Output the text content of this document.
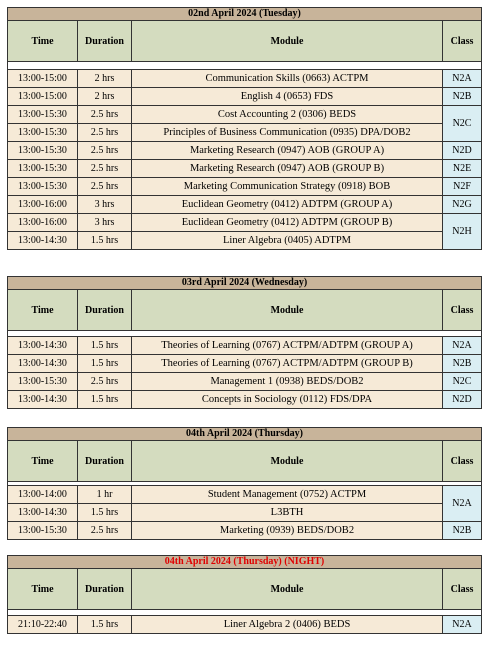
02nd April 2024 (Tuesday)			
Time	Duration	Module	Class

13:00-15:00	2 hrs	Communication Skills (0663) ACTPM	N2A
13:00-15:00	2 hrs	English 4 (0653) FDS	N2B
13:00-15:30	2.5 hrs	Cost Accounting 2 (0306) BEDS	N2C
13:00-15:30	2.5 hrs	Principles of Business Communication (0935) DPA/DOB2	
13:00-15:30	2.5 hrs	Marketing Research (0947) AOB (GROUP A)	N2D
13:00-15:30	2.5 hrs	Marketing Research (0947) AOB (GROUP B)	N2E
13:00-15:30	2.5 hrs	Marketing Communication Strategy (0918) BOB	N2F
13:00-16:00	3 hrs	Euclidean Geometry (0412) ADTPM (GROUP A)	N2G
13:00-16:00	3 hrs	Euclidean Geometry (0412) ADTPM (GROUP B)	N2H
13:00-14:30	1.5 hrs	Liner Algebra (0405) ADTPM	
03rd April 2024 (Wednesday)			
Time	Duration	Module	Class

13:00-14:30	1.5 hrs	Theories of Learning (0767) ACTPM/ADTPM (GROUP A)	N2A
13:00-14:30	1.5 hrs	Theories of Learning (0767) ACTPM/ADTPM (GROUP B)	N2B
13:00-15:30	2.5 hrs	Management 1 (0938) BEDS/DOB2	N2C
13:00-14:30	1.5 hrs	Concepts in Sociology (0112) FDS/DPA	N2D
04th April 2024 (Thursday)			
Time	Duration	Module	Class

13:00-14:00	1 hr	Student Management (0752) ACTPM	N2A
13:00-14:30	1.5 hrs	L3BTH	
13:00-15:30	2.5 hrs	Marketing (0939) BEDS/DOB2	N2B
04th April 2024 (Thursday) (NIGHT)			
Time	Duration	Module	Class

21:10-22:40	1.5 hrs	Liner Algebra 2 (0406) BEDS	N2A
